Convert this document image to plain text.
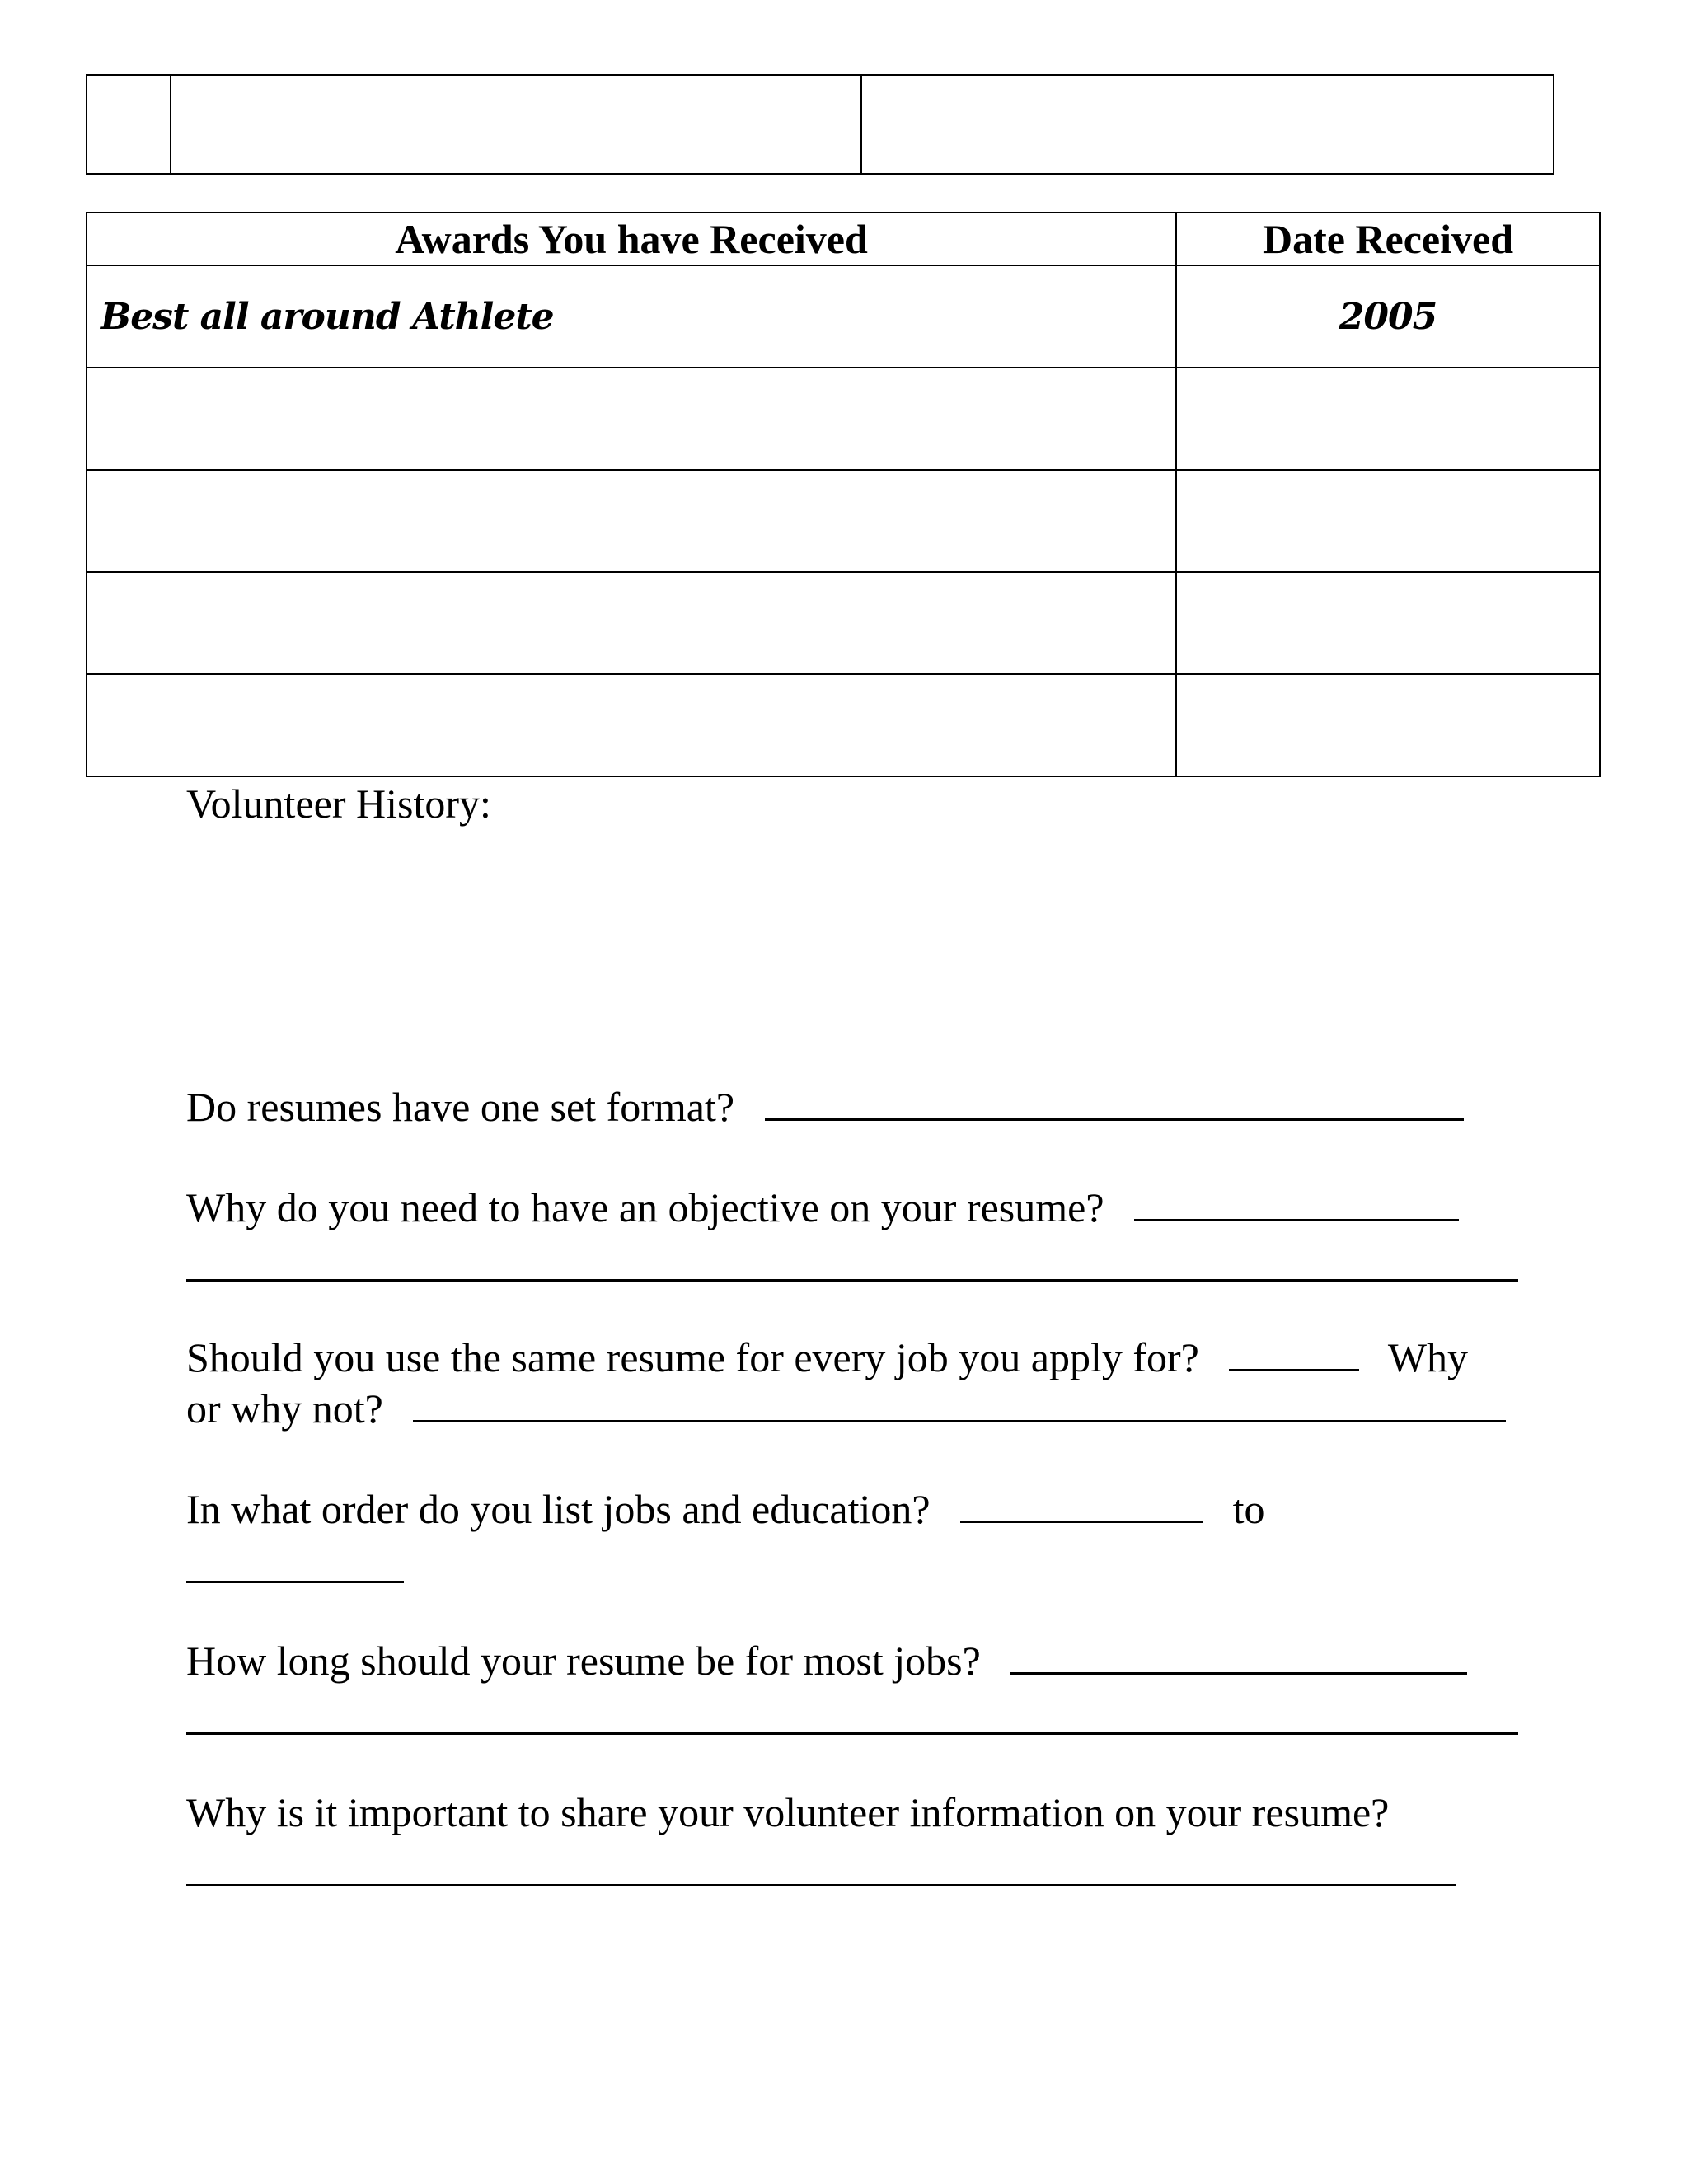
Awards You have Received	Date Received
Best all around Athlete	2005

Volunteer History:
Do resumes have one set format?
Why do you need to have an objective on your resume?
Should you use the same resume for every job you apply for?	Why
or why not?
In what order do you list jobs and education?	to
How long should your resume be for most jobs?
Why is it important to share your volunteer information on your resume?
